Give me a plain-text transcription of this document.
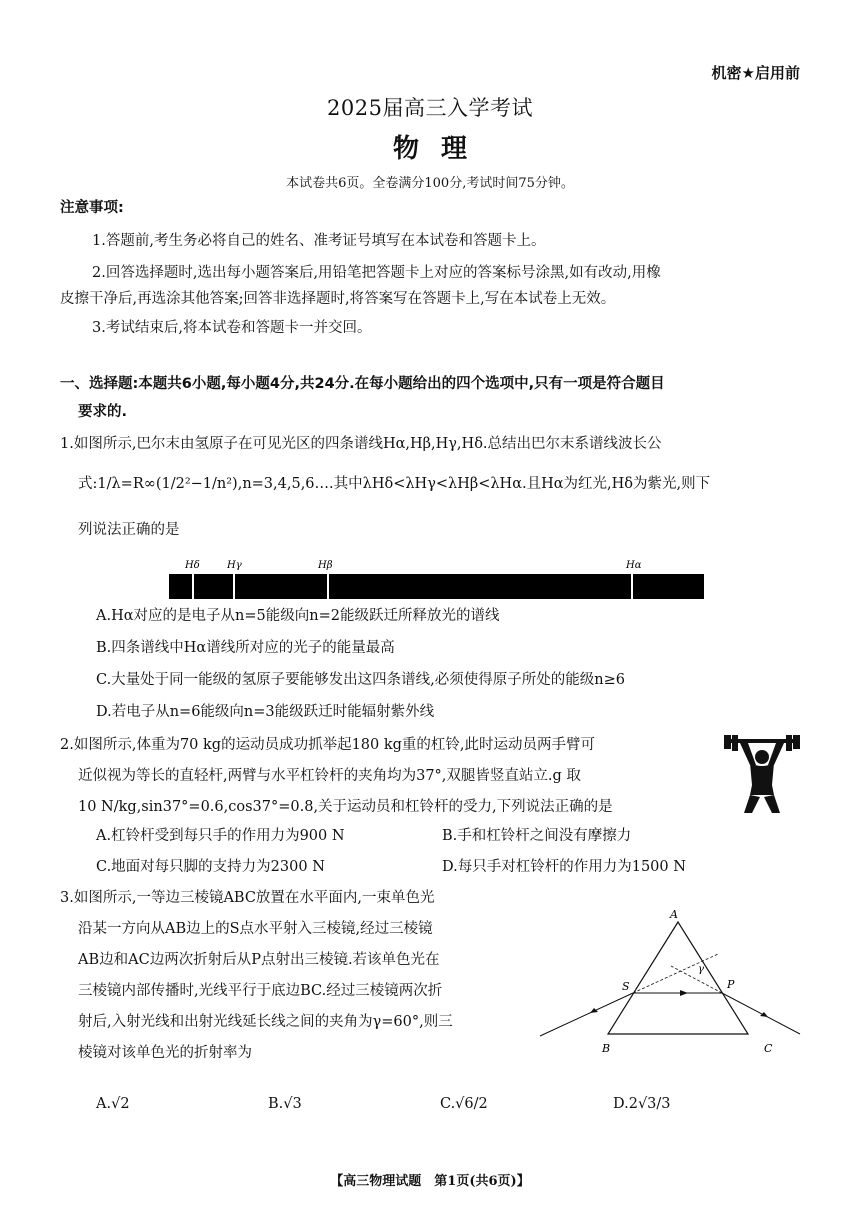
机密★启用前
2025届高三入学考试
物理
本试卷共6页。全卷满分100分,考试时间75分钟。
注意事项:
1.答题前,考生务必将自己的姓名、准考证号填写在本试卷和答题卡上。
2.回答选择题时,选出每小题答案后,用铅笔把答题卡上对应的答案标号涂黑,如有改动,用橡
皮擦干净后,再选涂其他答案;回答非选择题时,将答案写在答题卡上,写在本试卷上无效。
3.考试结束后,将本试卷和答题卡一并交回。
一、选择题:本题共6小题,每小题4分,共24分.在每小题给出的四个选项中,只有一项是符合题目
要求的.
1.如图所示,巴尔末由氢原子在可见光区的四条谱线Hα,Hβ,Hγ,Hδ.总结出巴尔末系谱线波长公
式:1/λ=R∞(1/2²−1/n²),n=3,4,5,6….其中λHδ<λHγ<λHβ<λHα.且Hα为红光,Hδ为紫光,则下
列说法正确的是
Hδ	Hγ	Hβ	Hα
A.Hα对应的是电子从n=5能级向n=2能级跃迁所释放光的谱线
B.四条谱线中Hα谱线所对应的光子的能量最高
C.大量处于同一能级的氢原子要能够发出这四条谱线,必须使得原子所处的能级n≥6
D.若电子从n=6能级向n=3能级跃迁时能辐射紫外线
2.如图所示,体重为70 kg的运动员成功抓举起180 kg重的杠铃,此时运动员两手臂可
近似视为等长的直轻杆,两臂与水平杠铃杆的夹角均为37°,双腿皆竖直站立.g 取
10 N/kg,sin37°=0.6,cos37°=0.8,关于运动员和杠铃杆的受力,下列说法正确的是
A.杠铃杆受到每只手的作用力为900 N	B.手和杠铃杆之间没有摩擦力
C.地面对每只脚的支持力为2300 N	D.每只手对杠铃杆的作用力为1500 N
3.如图所示,一等边三棱镜ABC放置在水平面内,一束单色光
沿某一方向从AB边上的S点水平射入三棱镜,经过三棱镜
AB边和AC边两次折射后从P点射出三棱镜.若该单色光在
三棱镜内部传播时,光线平行于底边BC.经过三棱镜两次折
射后,入射光线和出射光线延长线之间的夹角为γ=60°,则三
棱镜对该单色光的折射率为
A
B	C
S	P
γ
A.√2	B.√3	C.√6/2	D.2√3/3
【高三物理试题　第1页(共6页)】
